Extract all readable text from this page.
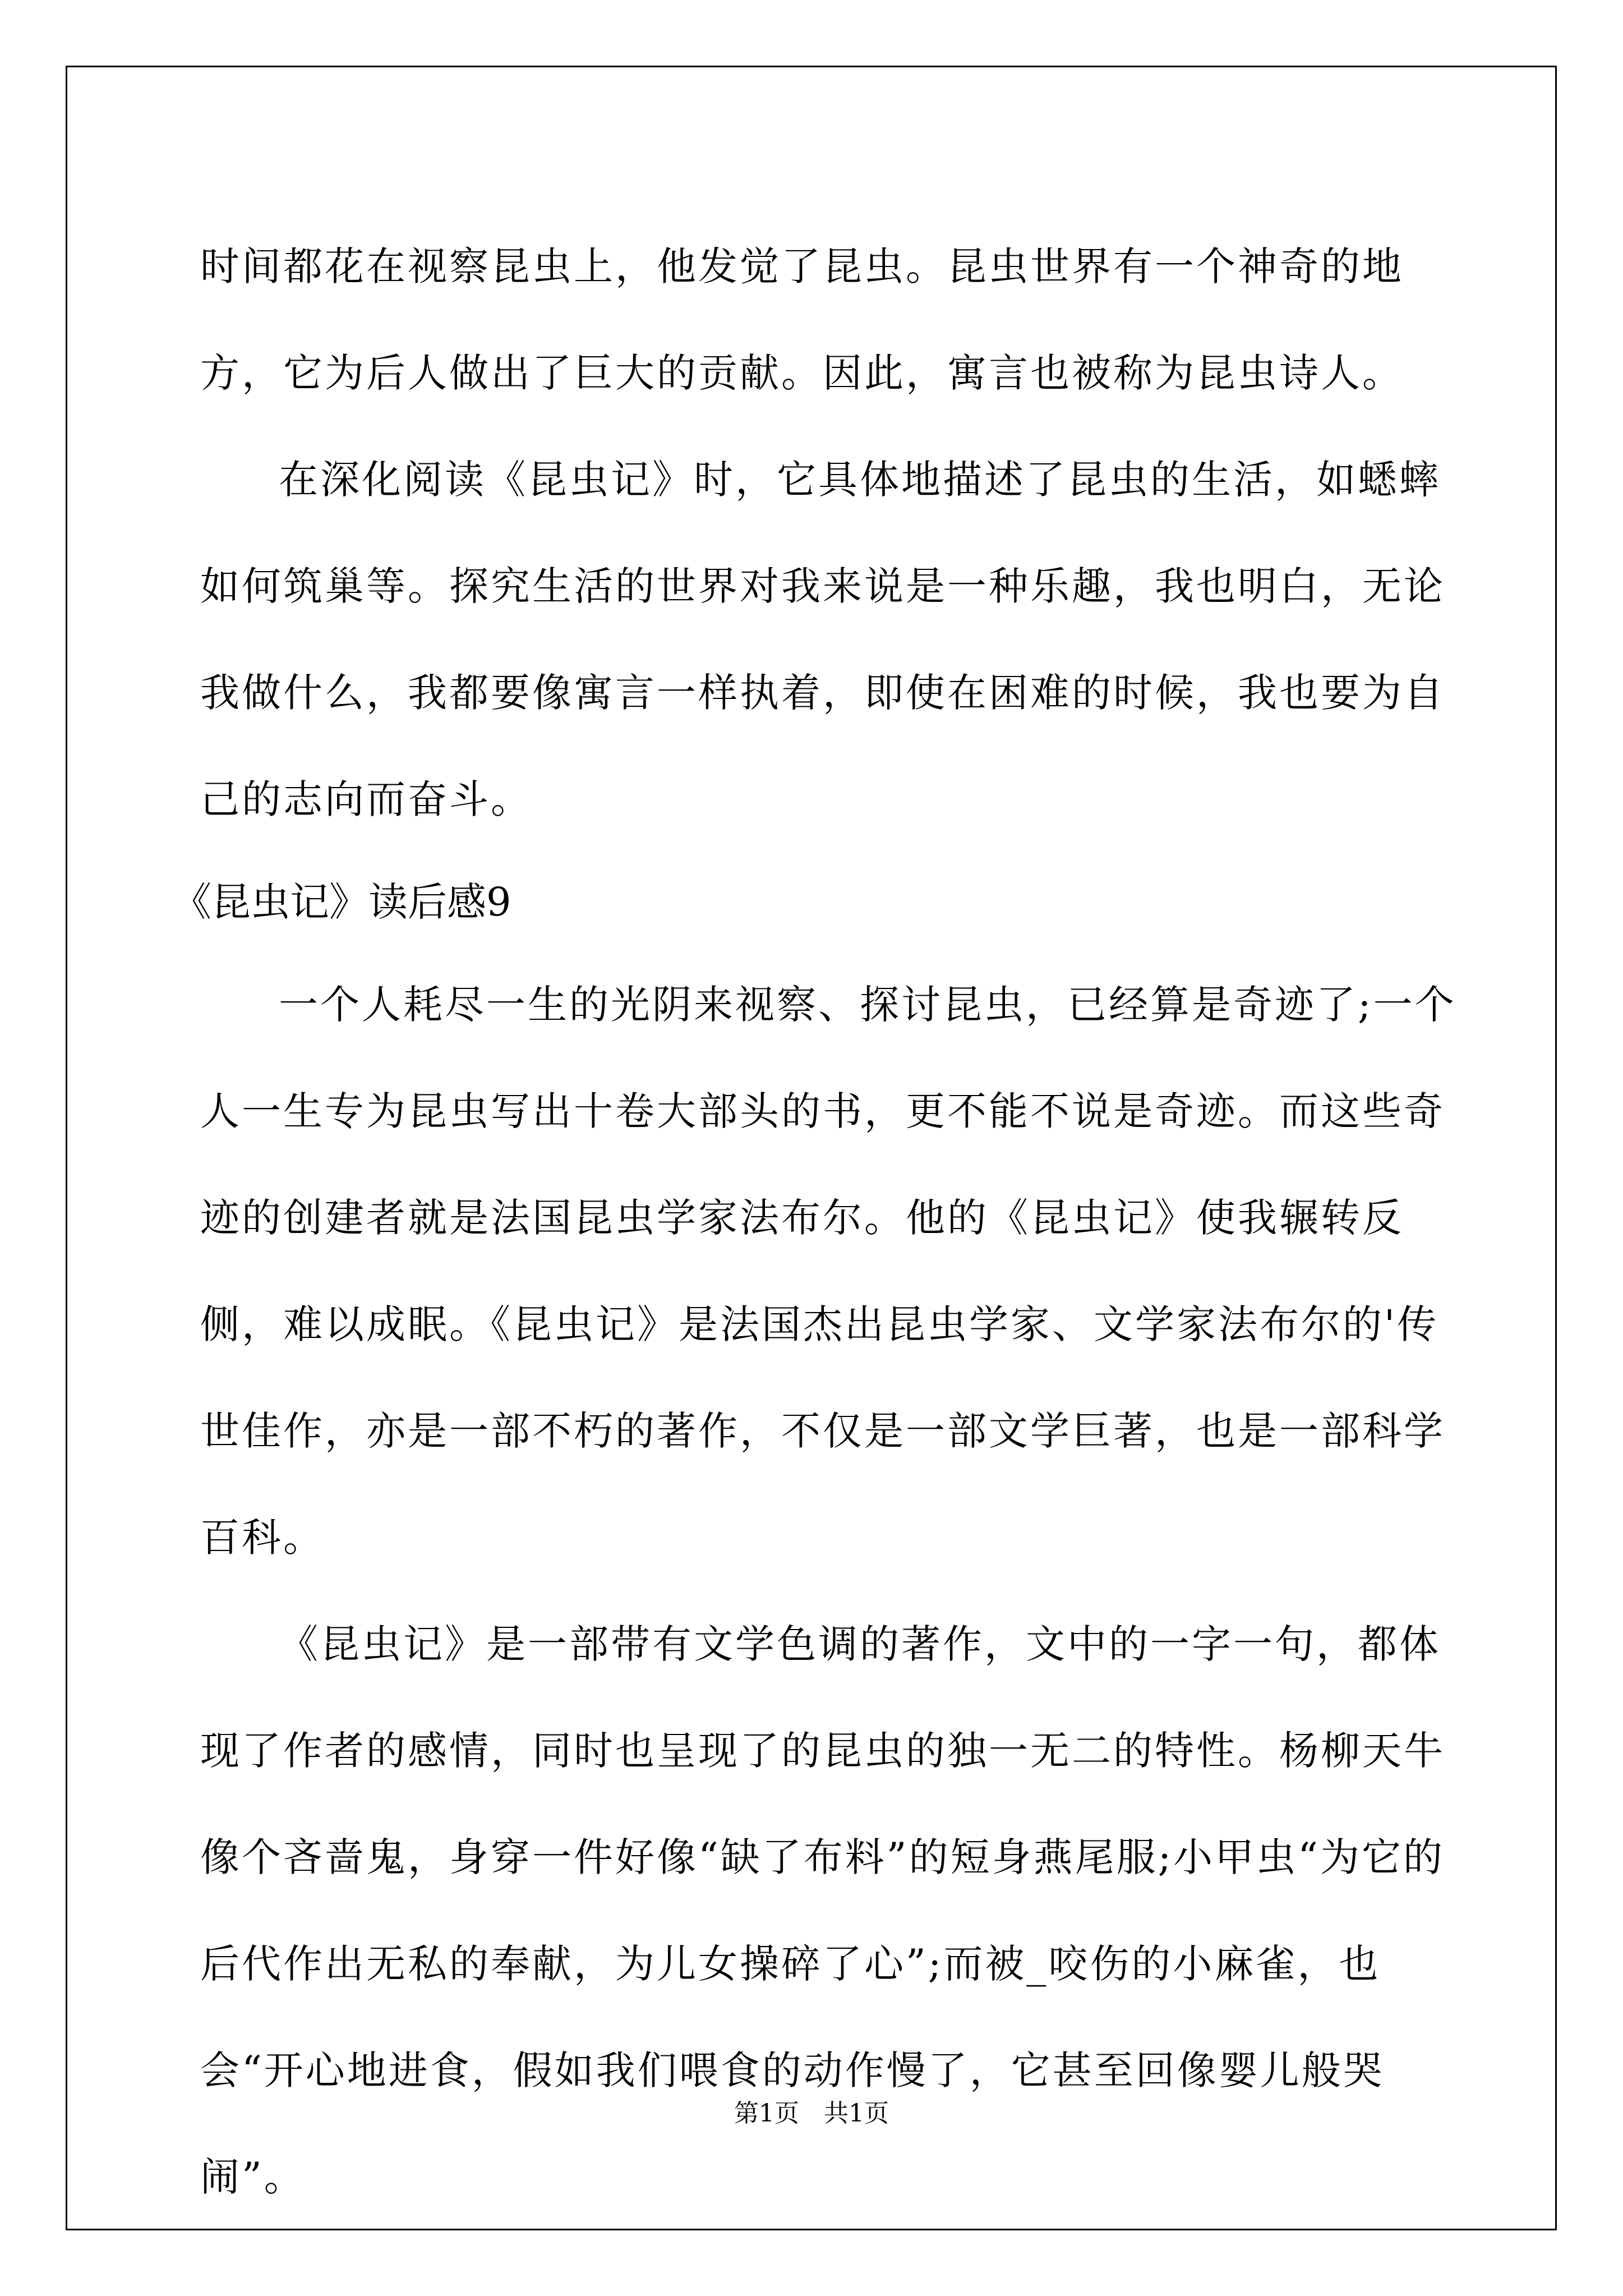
时间都花在视察昆虫上，他发觉了昆虫。昆虫世界有一个神奇的地方，它为后人做出了巨大的贡献。因此，寓言也被称为昆虫诗人。

在深化阅读《昆虫记》时，它具体地描述了昆虫的生活，如蟋蟀如何筑巢等。探究生活的世界对我来说是一种乐趣，我也明白，无论我做什么，我都要像寓言一样执着，即使在困难的时候，我也要为自己的志向而奋斗。

《昆虫记》读后感9

一个人耗尽一生的光阴来视察、探讨昆虫，已经算是奇迹了;一个人一生专为昆虫写出十卷大部头的书，更不能不说是奇迹。而这些奇迹的创建者就是法国昆虫学家法布尔。他的《昆虫记》使我辗转反侧，难以成眠。《昆虫记》是法国杰出昆虫学家、文学家法布尔的'传世佳作，亦是一部不朽的著作，不仅是一部文学巨著，也是一部科学百科。

《昆虫记》是一部带有文学色调的著作，文中的一字一句，都体现了作者的感情，同时也呈现了的昆虫的独一无二的特性。杨柳天牛像个吝啬鬼，身穿一件好像“缺了布料”的短身燕尾服;小甲虫“为它的后代作出无私的奉献，为儿女操碎了心”;而被_咬伤的小麻雀，也会“开心地进食，假如我们喂食的动作慢了，它甚至回像婴儿般哭闹”。

第1页　共1页
